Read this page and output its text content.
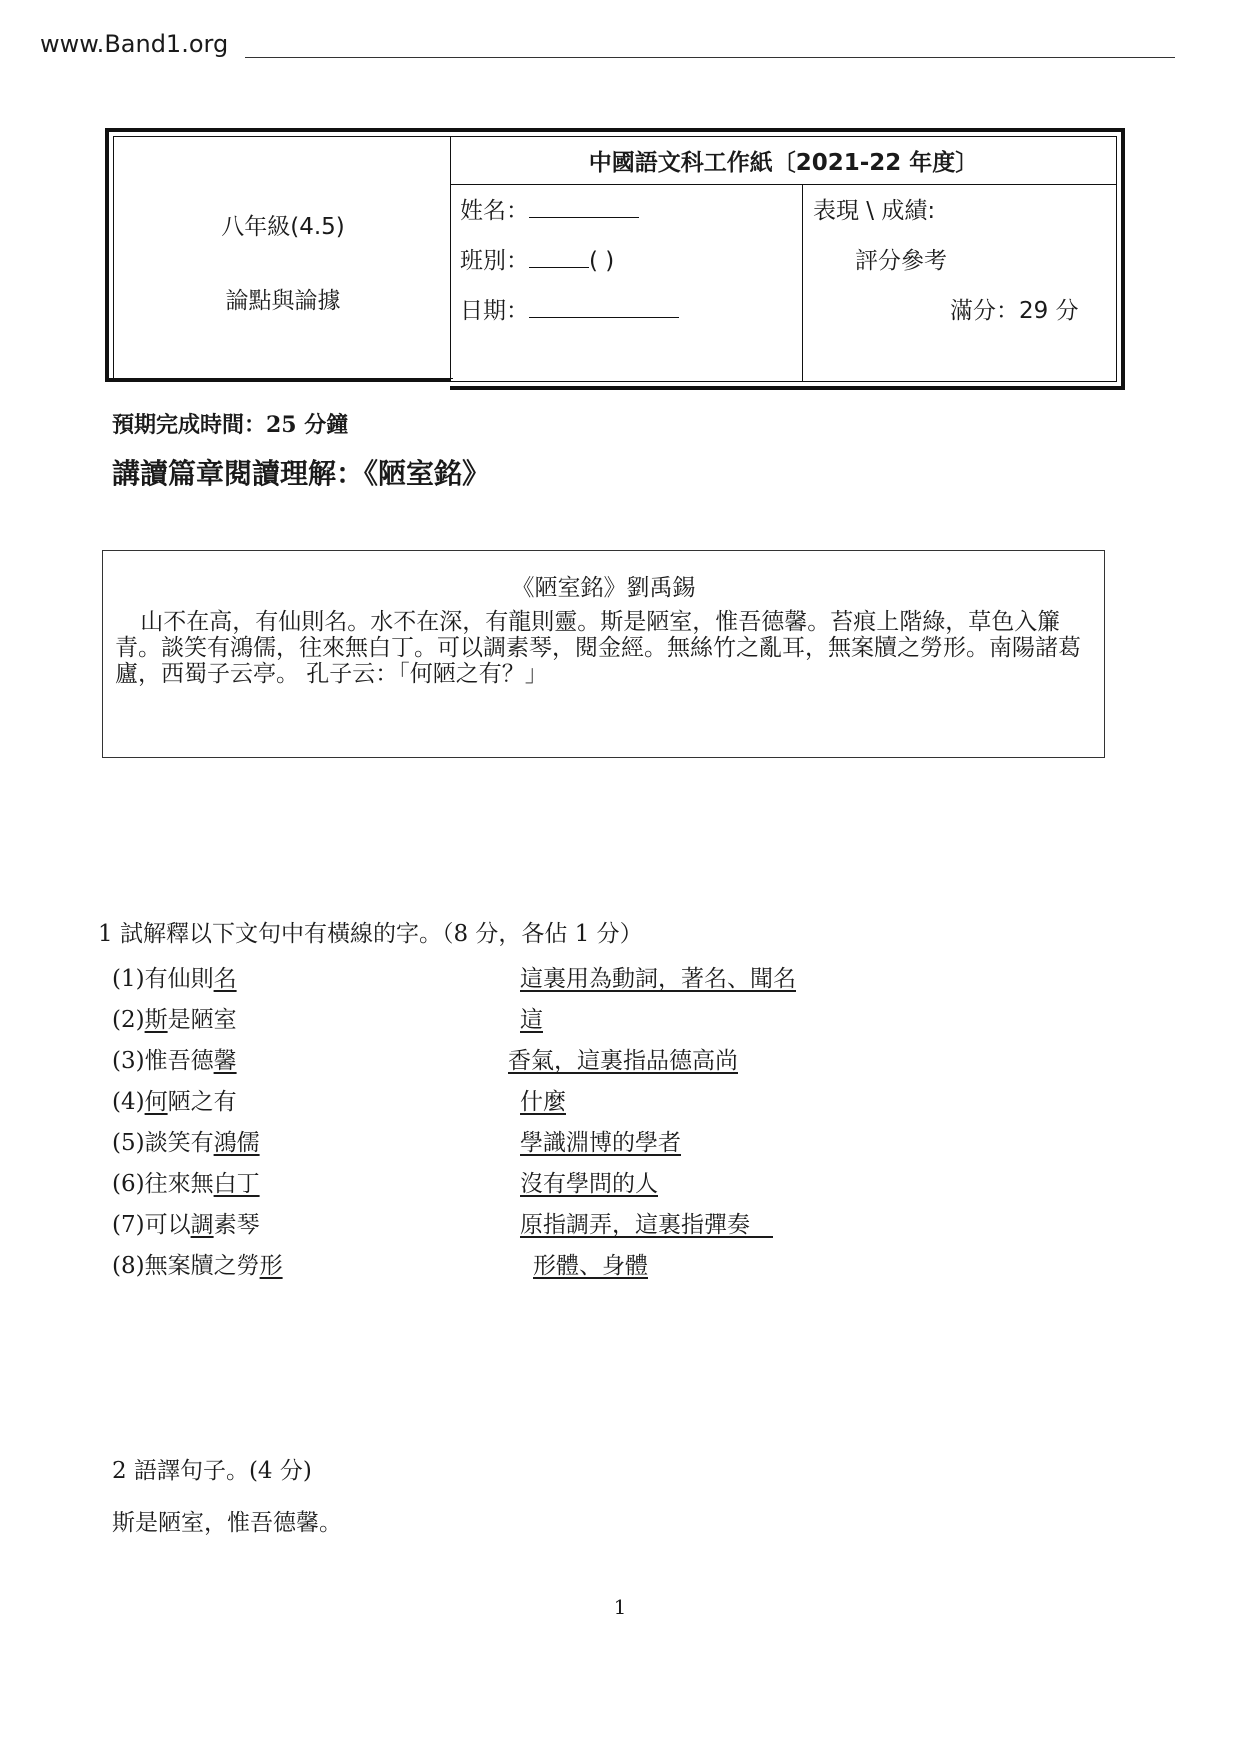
www.Band1.org
中國語文科工作紙〔2021-22 年度〕
八年級(4.5)
論點與論據
姓名：
班別：	( )
日期：
表現 \ 成績:
評分參考
滿分：29 分
預期完成時間：25 分鐘
講讀篇章閱讀理解：《陋室銘》
《陋室銘》劉禹錫
山不在高，有仙則名。水不在深，有龍則靈。斯是陋室，惟吾德馨。苔痕上階綠，草色入簾青。談笑有鴻儒，往來無白丁。可以調素琴，閱金經。無絲竹之亂耳，無案牘之勞形。南陽諸葛廬，西蜀子云亭。 孔子云：「何陋之有？」
1 試解釋以下文句中有橫線的字。（8 分，各佔 1 分）
(1)有仙則名	這裏用為動詞，著名、聞名
(2)斯是陋室	這
(3)惟吾德馨	香氣，這裏指品德高尚
(4)何陋之有	什麼
(5)談笑有鴻儒	學識淵博的學者
(6)往來無白丁	沒有學問的人
(7)可以調素琴	原指調弄，這裏指彈奏　
(8)無案牘之勞形	形體、身體
2 語譯句子。(4 分)
斯是陋室，惟吾德馨。
1
